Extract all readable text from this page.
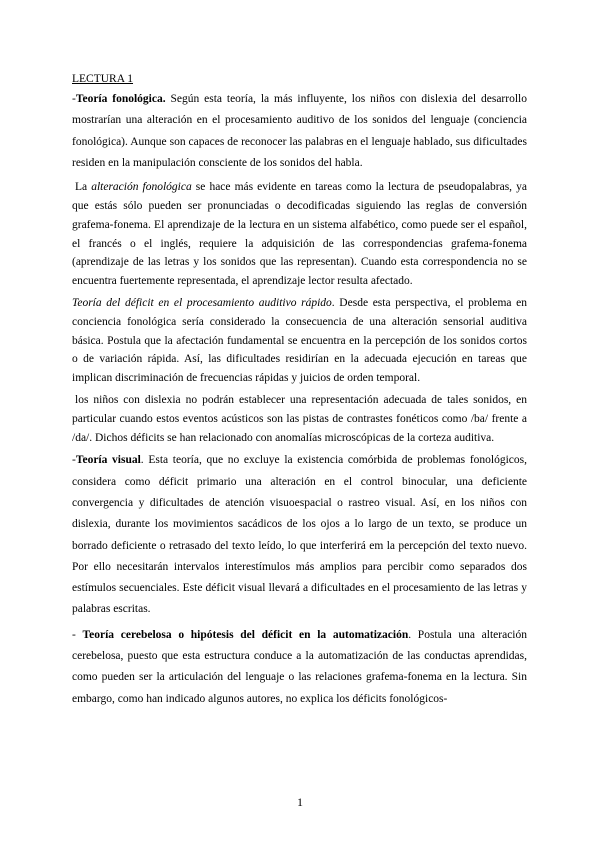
LECTURA 1

-Teoría fonológica. Según esta teoría, la más influyente, los niños con dislexia del desarrollo mostrarían una alteración en el procesamiento auditivo de los sonidos del lenguaje (conciencia fonológica). Aunque son capaces de reconocer las palabras en el lenguaje hablado, sus dificultades residen en la manipulación consciente de los sonidos del habla.

La alteración fonológica se hace más evidente en tareas como la lectura de pseudopalabras, ya que estás sólo pueden ser pronunciadas o decodificadas siguiendo las reglas de conversión grafema-fonema. El aprendizaje de la lectura en un sistema alfabético, como puede ser el español, el francés o el inglés, requiere la adquisición de las correspondencias grafema-fonema (aprendizaje de las letras y los sonidos que las representan). Cuando esta correspondencia no se encuentra fuertemente representada, el aprendizaje lector resulta afectado.

Teoría del déficit en el procesamiento auditivo rápido. Desde esta perspectiva, el problema en conciencia fonológica sería considerado la consecuencia de una alteración sensorial auditiva básica. Postula que la afectación fundamental se encuentra en la percepción de los sonidos cortos o de variación rápida. Así, las dificultades residirían en la adecuada ejecución en tareas que implican discriminación de frecuencias rápidas y juicios de orden temporal.

los niños con dislexia no podrán establecer una representación adecuada de tales sonidos, en particular cuando estos eventos acústicos son las pistas de contrastes fonéticos como /ba/ frente a /da/. Dichos déficits se han relacionado con anomalías microscópicas de la corteza auditiva.

-Teoría visual. Esta teoría, que no excluye la existencia comórbida de problemas fonológicos, considera como déficit primario una alteración en el control binocular, una deficiente convergencia y dificultades de atención visuoespacial o rastreo visual. Así, en los niños con dislexia, durante los movimientos sacádicos de los ojos a lo largo de un texto, se produce un borrado deficiente o retrasado del texto leído, lo que interferirá em la percepción del texto nuevo. Por ello necesitarán intervalos interestímulos más amplios para percibir como separados dos estímulos secuenciales. Este déficit visual llevará a dificultades en el procesamiento de las letras y palabras escritas.

- Teoría cerebelosa o hipótesis del déficit en la automatización. Postula una alteración cerebelosa, puesto que esta estructura conduce a la automatización de las conductas aprendidas, como pueden ser la articulación del lenguaje o las relaciones grafema-fonema en la lectura. Sin embargo, como han indicado algunos autores, no explica los déficits fonológicos-

1
